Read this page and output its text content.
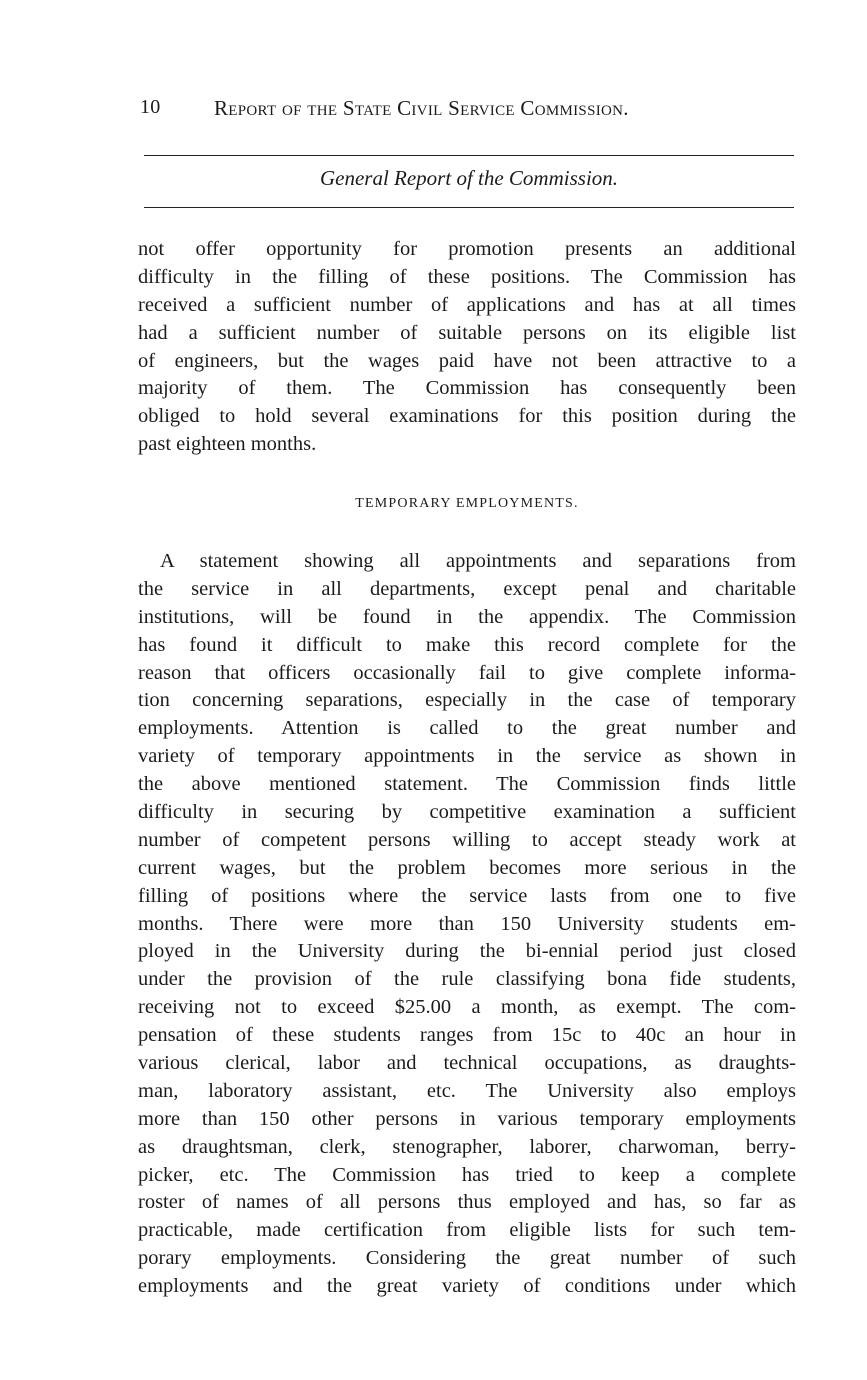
10	Report of the State Civil Service Commission.
General Report of the Commission.
not offer opportunity for promotion presents an additional
difficulty in the filling of these positions. The Commission has
received a sufficient number of applications and has at all times
had a sufficient number of suitable persons on its eligible list
of engineers, but the wages paid have not been attractive to a
majority of them. The Commission has consequently been
obliged to hold several examinations for this position during the
past eighteen months.
TEMPORARY EMPLOYMENTS.
A statement showing all appointments and separations from
the service in all departments, except penal and charitable
institutions, will be found in the appendix. The Commission
has found it difficult to make this record complete for the
reason that officers occasionally fail to give complete informa-
tion concerning separations, especially in the case of temporary
employments. Attention is called to the great number and
variety of temporary appointments in the service as shown in
the above mentioned statement. The Commission finds little
difficulty in securing by competitive examination a sufficient
number of competent persons willing to accept steady work at
current wages, but the problem becomes more serious in the
filling of positions where the service lasts from one to five
months. There were more than 150 University students em-
ployed in the University during the bi-ennial period just closed
under the provision of the rule classifying bona fide students,
receiving not to exceed $25.00 a month, as exempt. The com-
pensation of these students ranges from 15c to 40c an hour in
various clerical, labor and technical occupations, as draughts-
man, laboratory assistant, etc. The University also employs
more than 150 other persons in various temporary employments
as draughtsman, clerk, stenographer, laborer, charwoman, berry-
picker, etc. The Commission has tried to keep a complete
roster of names of all persons thus employed and has, so far as
practicable, made certification from eligible lists for such tem-
porary employments. Considering the great number of such
employments and the great variety of conditions under which
